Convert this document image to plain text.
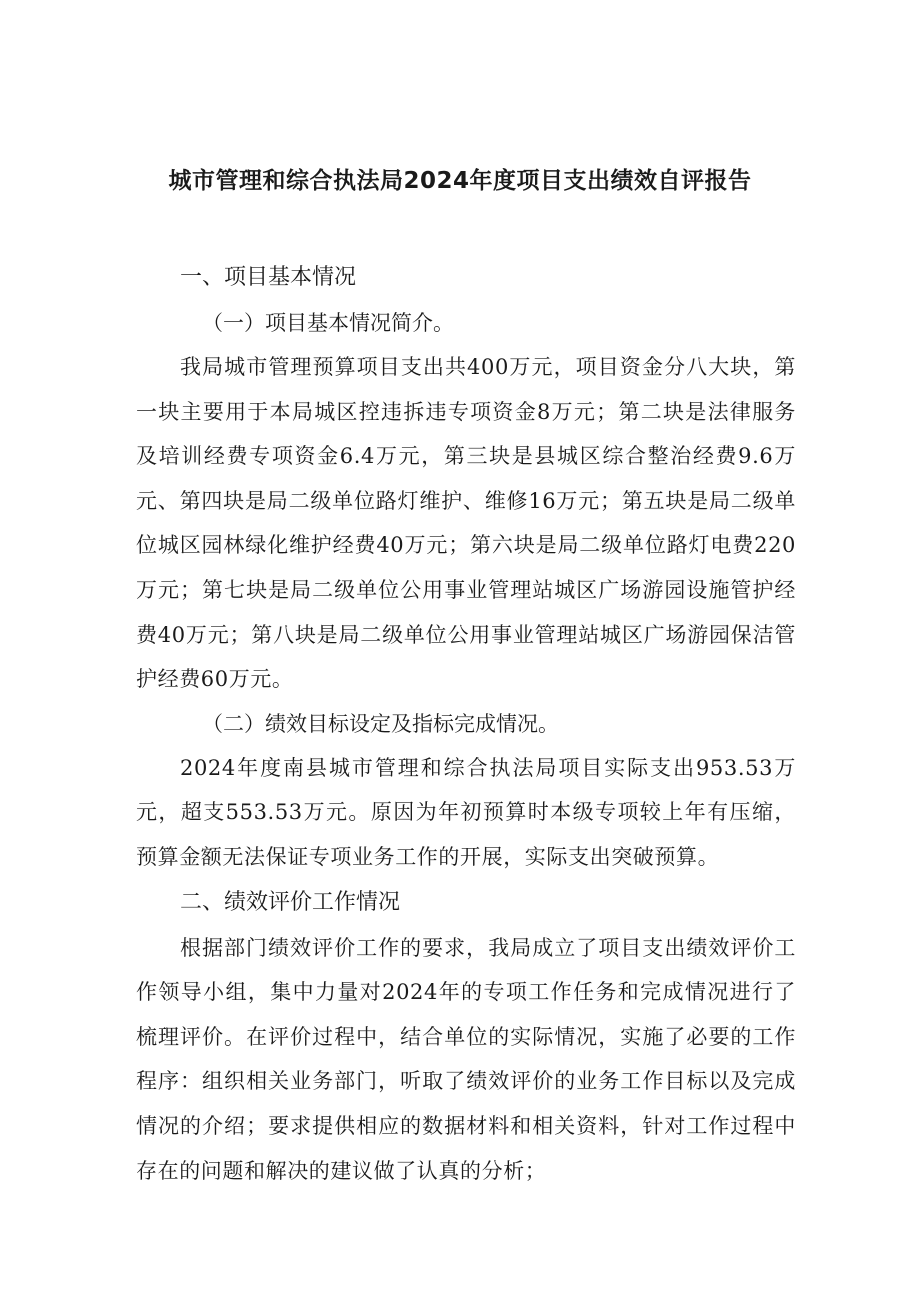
城市管理和综合执法局2024年度项目支出绩效自评报告
一、项目基本情况
（一）项目基本情况简介。

我局城市管理预算项目支出共400万元，项目资金分八大块，第一块主要用于本局城区控违拆违专项资金8万元；第二块是法律服务及培训经费专项资金6.4万元，第三块是县城区综合整治经费9.6万元、第四块是局二级单位路灯维护、维修16万元；第五块是局二级单位城区园林绿化维护经费40万元；第六块是局二级单位路灯电费220万元；第七块是局二级单位公用事业管理站城区广场游园设施管护经费40万元；第八块是局二级单位公用事业管理站城区广场游园保洁管护经费60万元。

（二）绩效目标设定及指标完成情况。

2024年度南县城市管理和综合执法局项目实际支出953.53万元，超支553.53万元。原因为年初预算时本级专项较上年有压缩，预算金额无法保证专项业务工作的开展，实际支出突破预算。

二、绩效评价工作情况

根据部门绩效评价工作的要求，我局成立了项目支出绩效评价工作领导小组，集中力量对2024年的专项工作任务和完成情况进行了梳理评价。在评价过程中，结合单位的实际情况，实施了必要的工作程序：组织相关业务部门，听取了绩效评价的业务工作目标以及完成情况的介绍；要求提供相应的数据材料和相关资料，针对工作过程中存在的问题和解决的建议做了认真的分析；
